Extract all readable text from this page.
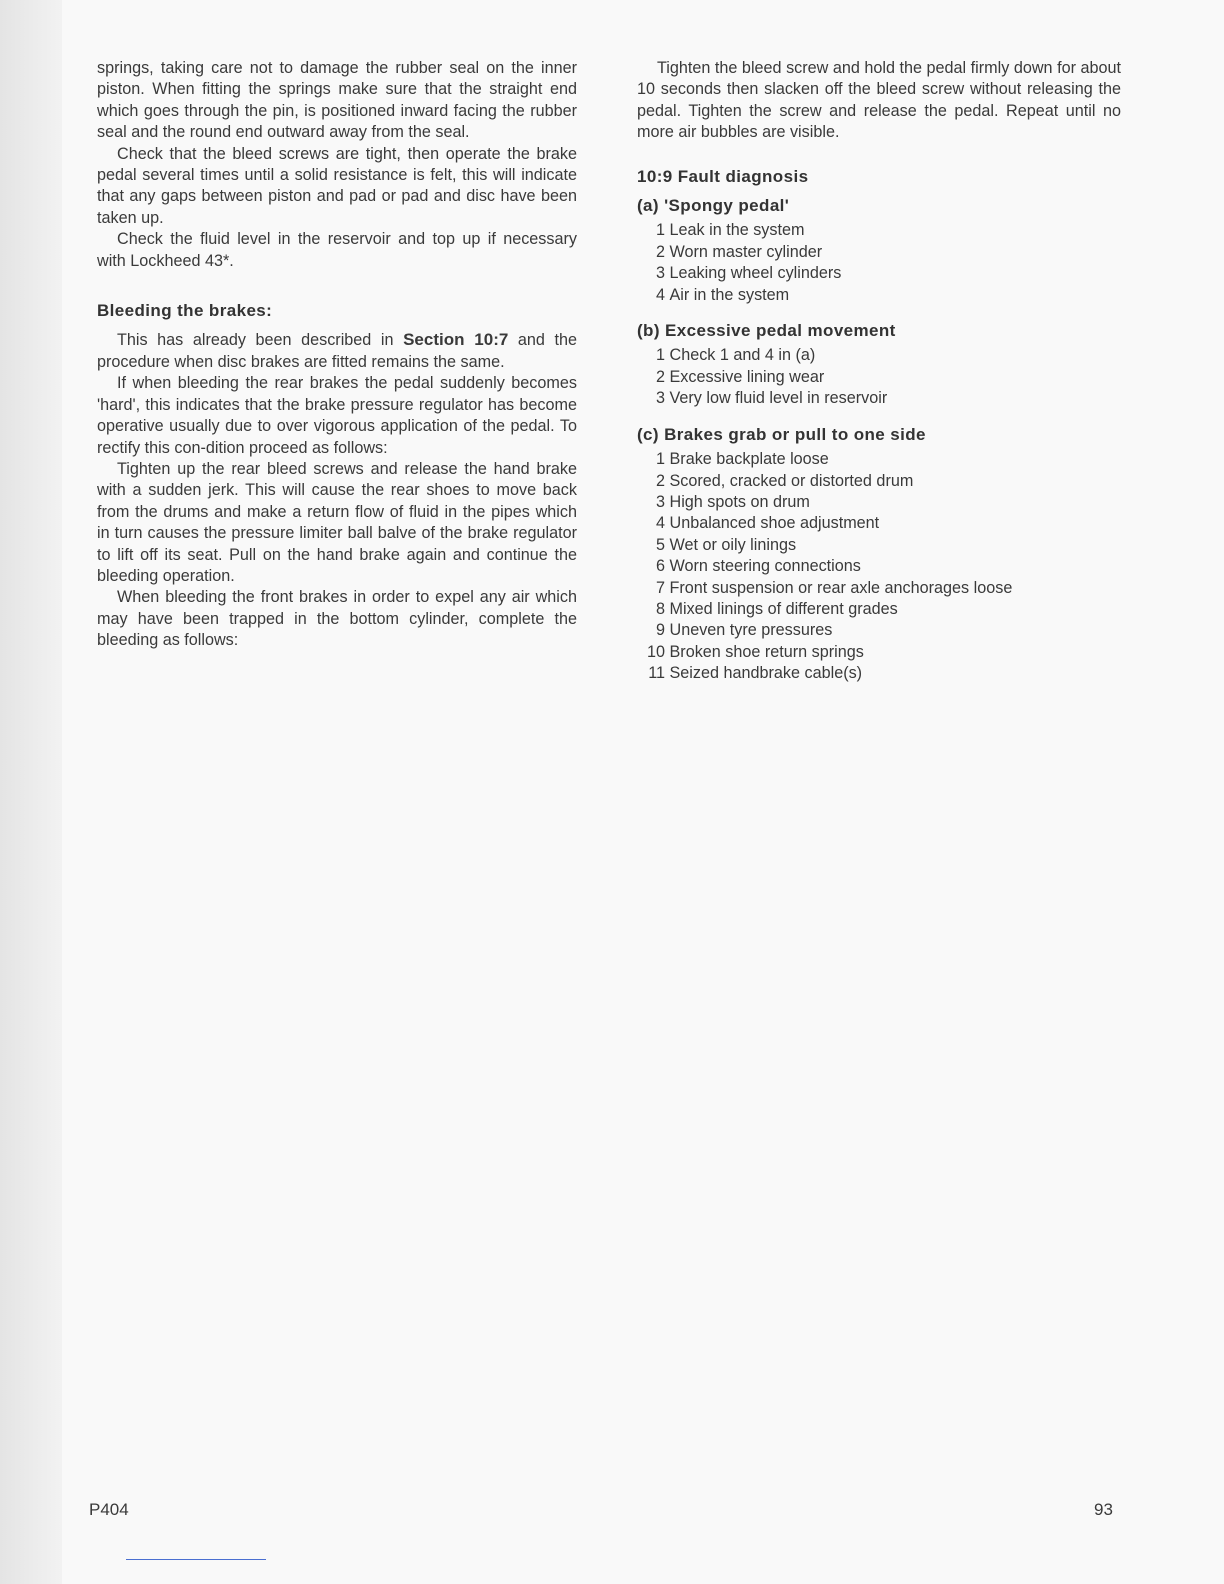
springs, taking care not to damage the rubber seal on the inner piston. When fitting the springs make sure that the straight end which goes through the pin, is positioned inward facing the rubber seal and the round end outward away from the seal.

Check that the bleed screws are tight, then operate the brake pedal several times until a solid resistance is felt, this will indicate that any gaps between piston and pad or pad and disc have been taken up.

Check the fluid level in the reservoir and top up if necessary with Lockheed 43*.

Bleeding the brakes:

This has already been described in Section 10:7 and the procedure when disc brakes are fitted remains the same.

If when bleeding the rear brakes the pedal suddenly becomes 'hard', this indicates that the brake pressure regulator has become operative usually due to over vigorous application of the pedal. To rectify this con-dition proceed as follows:

Tighten up the rear bleed screws and release the hand brake with a sudden jerk. This will cause the rear shoes to move back from the drums and make a return flow of fluid in the pipes which in turn causes the pressure limiter ball balve of the brake regulator to lift off its seat. Pull on the hand brake again and continue the bleeding operation.

When bleeding the front brakes in order to expel any air which may have been trapped in the bottom cylinder, complete the bleeding as follows:

Tighten the bleed screw and hold the pedal firmly down for about 10 seconds then slacken off the bleed screw without releasing the pedal. Tighten the screw and release the pedal. Repeat until no more air bubbles are visible.

10:9 Fault diagnosis
(a) 'Spongy pedal'
1
Leak in the system
2
Worn master cylinder
3
Leaking wheel cylinders
4
Air in the system
(b) Excessive pedal movement
1
Check 1 and 4 in (a)
2
Excessive lining wear
3
Very low fluid level in reservoir
(c) Brakes grab or pull to one side
1
Brake backplate loose
2
Scored, cracked or distorted drum
3
High spots on drum
4
Unbalanced shoe adjustment
5
Wet or oily linings
6
Worn steering connections
7
Front suspension or rear axle anchorages loose
8
Mixed linings of different grades
9
Uneven tyre pressures
10
Broken shoe return springs
11
Seized handbrake cable(s)
P404	93
